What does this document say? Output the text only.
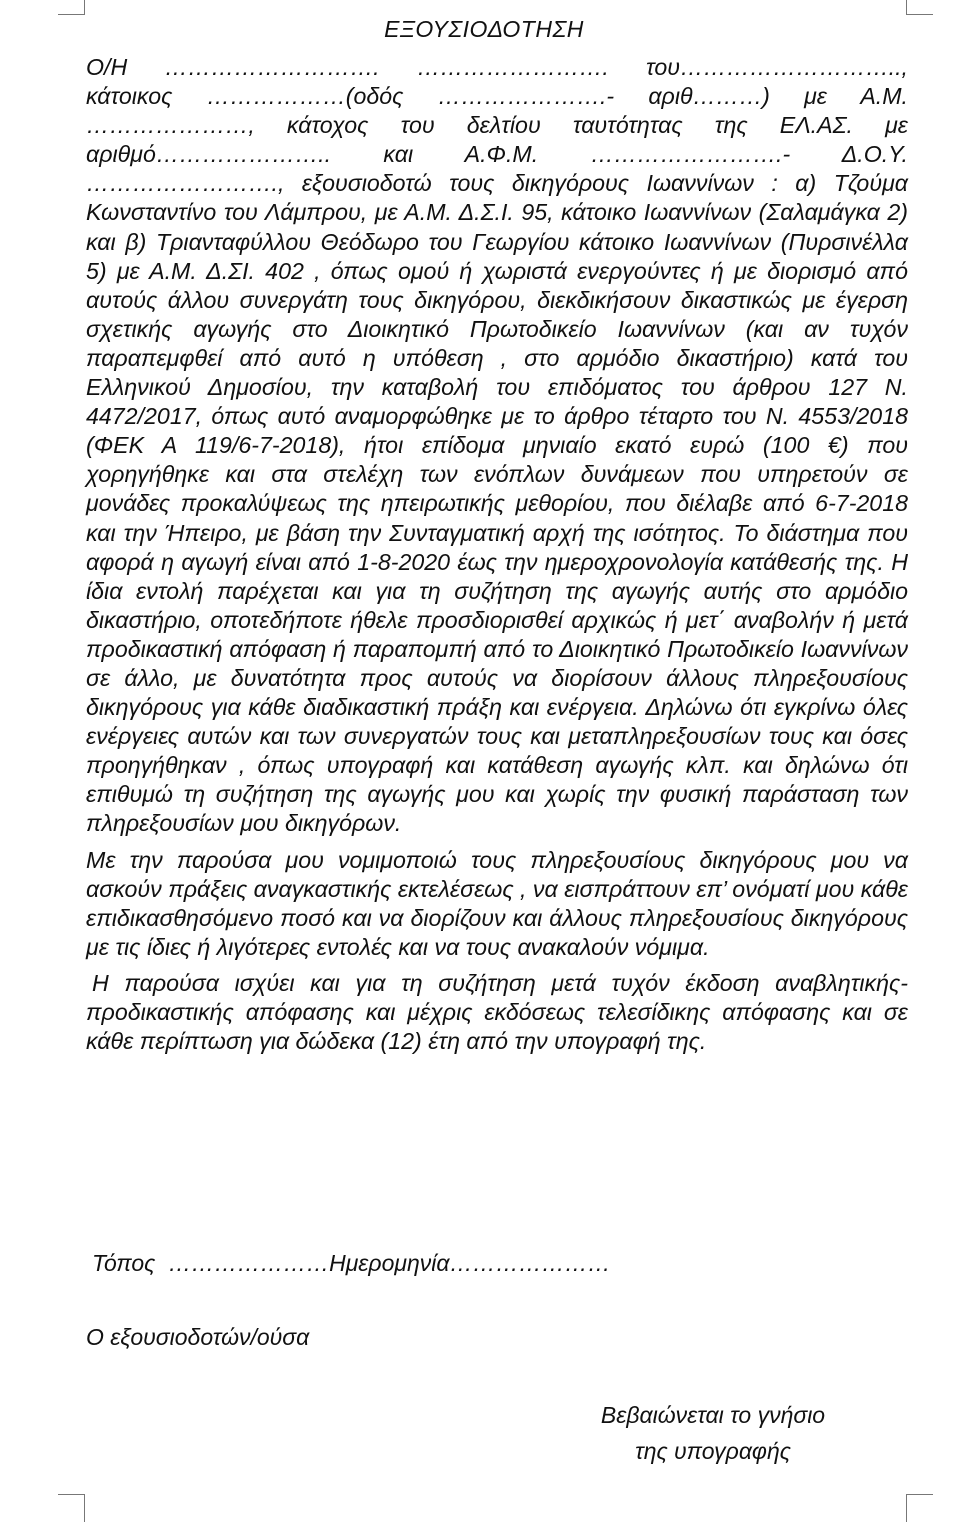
ΕΞΟΥΣΙΟΔΟΤΗΣΗ

Ο/Η ………………………. ……………………. του……………………….., κάτοικος ………………(οδός ………………….- αριθ………) με Α.Μ. …………………, κάτοχος του δελτίου ταυτότητας της ΕΛ.ΑΣ. με αριθμό………………….. και Α.Φ.Μ. …………………….- Δ.Ο.Υ. ……………………., εξουσιοδοτώ τους δικηγόρους Ιωαννίνων : α) Τζούμα Κωνσταντίνο του Λάμπρου, με Α.Μ. Δ.Σ.Ι. 95, κάτοικο Ιωαννίνων (Σαλαμάγκα 2) και β) Τριανταφύλλου Θεόδωρο του Γεωργίου κάτοικο Ιωαννίνων (Πυρσινέλλα 5) με Α.Μ. Δ.ΣΙ. 402 , όπως ομού ή χωριστά ενεργούντες ή με διορισμό από αυτούς άλλου συνεργάτη τους δικηγόρου, διεκδικήσουν δικαστικώς με έγερση σχετικής αγωγής στο Διοικητικό Πρωτοδικείο Ιωαννίνων (και αν τυχόν παραπεμφθεί από αυτό η υπόθεση , στο αρμόδιο δικαστήριο) κατά του Ελληνικού Δημοσίου, την καταβολή του επιδόματος του άρθρου 127 Ν. 4472/2017, όπως αυτό αναμορφώθηκε με το άρθρο τέταρτο του Ν. 4553/2018 (ΦΕΚ Α 119/6-7-2018), ήτοι επίδομα μηνιαίο εκατό ευρώ (100 €) που χορηγήθηκε και στα στελέχη των ενόπλων δυνάμεων που υπηρετούν σε μονάδες προκαλύψεως της ηπειρωτικής μεθορίου, που διέλαβε από 6-7-2018 και την Ήπειρο, με βάση την Συνταγματική αρχή της ισότητος. Το διάστημα που αφορά η αγωγή είναι από 1-8-2020 έως την ημεροχρονολογία κατάθεσής της. Η ίδια εντολή παρέχεται και για τη συζήτηση της αγωγής αυτής στο αρμόδιο δικαστήριο, οποτεδήποτε ήθελε προσδιορισθεί αρχικώς ή μετ΄ αναβολήν ή μετά προδικαστική απόφαση ή παραπομπή από το Διοικητικό Πρωτοδικείο Ιωαννίνων σε άλλο, με δυνατότητα προς αυτούς να διορίσουν άλλους πληρεξουσίους δικηγόρους για κάθε διαδικαστική πράξη και ενέργεια. Δηλώνω ότι εγκρίνω όλες ενέργειες αυτών και των συνεργατών τους και μεταπληρεξουσίων τους και όσες προηγήθηκαν , όπως υπογραφή και κατάθεση αγωγής κλπ. και δηλώνω ότι επιθυμώ τη συζήτηση της αγωγής μου και χωρίς την φυσική παράσταση των πληρεξουσίων μου δικηγόρων.

Με την παρούσα μου νομιμοποιώ τους πληρεξουσίους δικηγόρους μου να ασκούν πράξεις αναγκαστικής εκτελέσεως , να εισπράττουν επ’ ονόματί μου κάθε επιδικασθησόμενο ποσό και να διορίζουν και άλλους πληρεξουσίους δικηγόρους με τις ίδιες ή λιγότερες εντολές και να τους ανακαλούν νόμιμα.

Η παρούσα ισχύει και για τη συζήτηση μετά τυχόν έκδοση αναβλητικής- προδικαστικής απόφασης και μέχρις εκδόσεως τελεσίδικης απόφασης και σε κάθε περίπτωση για δώδεκα (12) έτη από την υπογραφή της.

Τόπος  …………………Ημερομηνία…………………
Ο εξουσιοδοτών/ούσα
Βεβαιώνεται το γνήσιο
της υπογραφής
